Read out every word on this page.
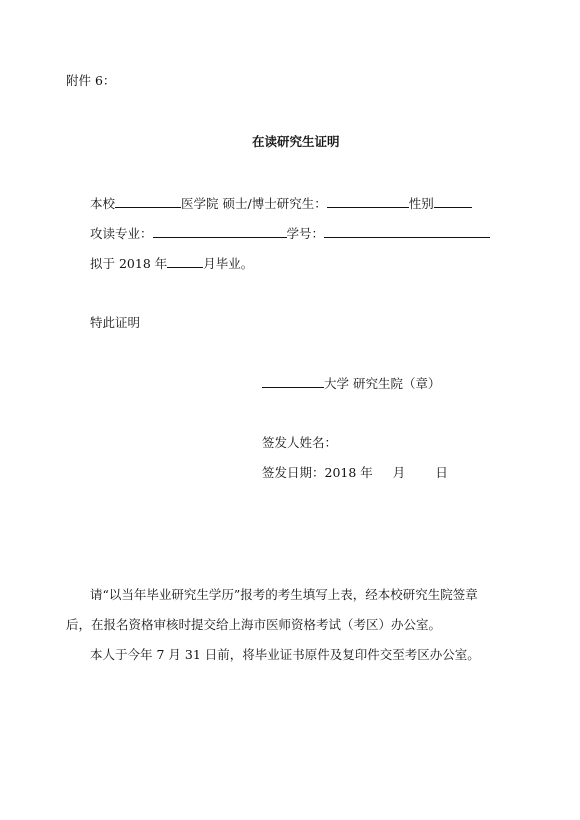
附件 6：
在读研究生证明
本校	医学院 硕士/博士研究生：	性别
攻读专业：	学号：
拟于 2018 年	月毕业。
特此证明
大学 研究生院（章）
签发人姓名：
签发日期：2018 年 月 日
请“以当年毕业研究生学历”报考的考生填写上表，经本校研究生院签章
后，在报名资格审核时提交给上海市医师资格考试（考区）办公室。
本人于今年 7 月 31 日前，将毕业证书原件及复印件交至考区办公室。
